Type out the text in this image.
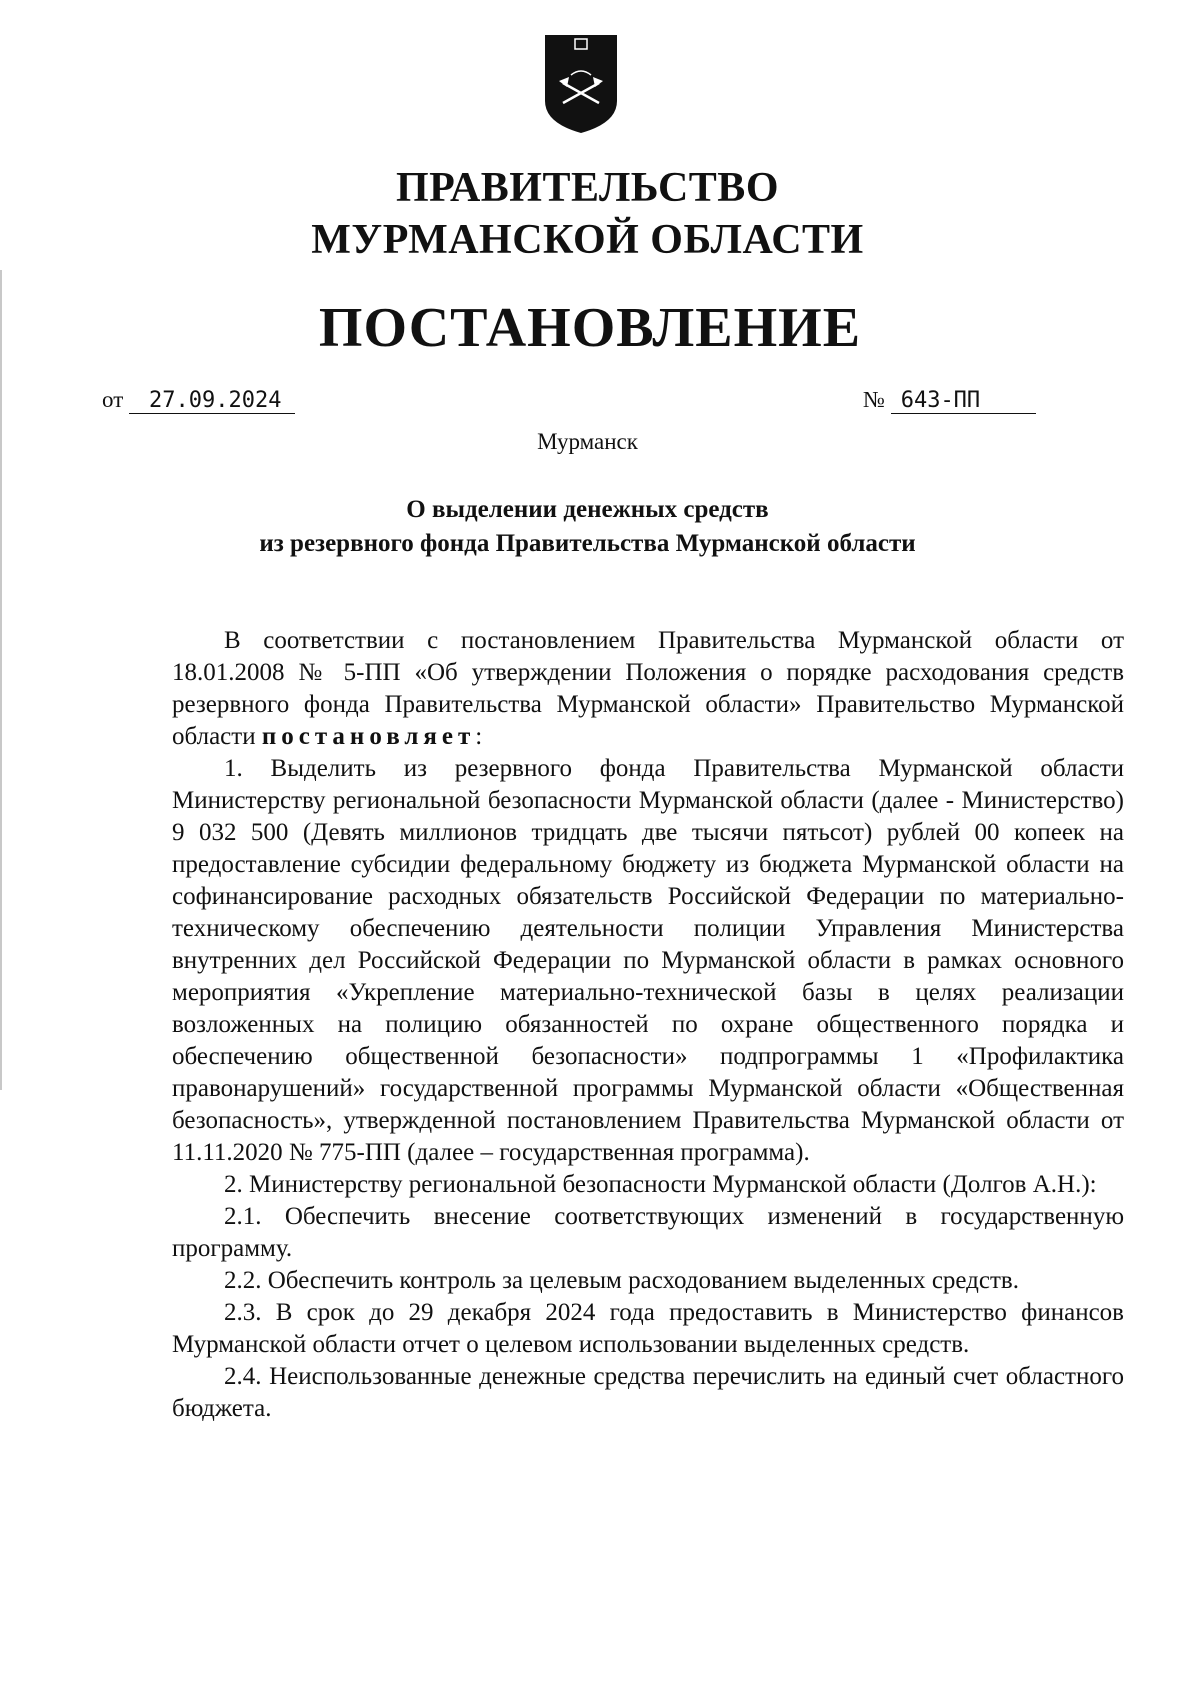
ПРАВИТЕЛЬСТВО
МУРМАНСКОЙ ОБЛАСТИ
ПОСТАНОВЛЕНИЕ
от 27.09.2024	№ 643-ПП
Мурманск
О выделении денежных средств
из резервного фонда Правительства Мурманской области

В соответствии с постановлением Правительства Мурманской области от 18.01.2008 № 5-ПП «Об утверждении Положения о порядке расходования средств резервного фонда Правительства Мурманской области» Правительство Мурманской области постановляет:

1. Выделить из резервного фонда Правительства Мурманской области Министерству региональной безопасности Мурманской области (далее - Министерство) 9 032 500 (Девять миллионов тридцать две тысячи пятьсот) рублей 00 копеек на предоставление субсидии федеральному бюджету из бюджета Мурманской области на софинансирование расходных обязательств Российской Федерации по материально-техническому обеспечению деятельности полиции Управления Министерства внутренних дел Российской Федерации по Мурманской области в рамках основного мероприятия «Укрепление материально-технической базы в целях реализации возложенных на полицию обязанностей по охране общественного порядка и обеспечению общественной безопасности» подпрограммы 1 «Профилактика правонарушений» государственной программы Мурманской области «Общественная безопасность», утвержденной постановлением Правительства Мурманской области от 11.11.2020 № 775-ПП (далее – государственная программа).

2. Министерству региональной безопасности Мурманской области (Долгов А.Н.):

2.1. Обеспечить внесение соответствующих изменений в государственную программу.

2.2. Обеспечить контроль за целевым расходованием выделенных средств.

2.3. В срок до 29 декабря 2024 года предоставить в Министерство финансов Мурманской области отчет о целевом использовании выделенных средств.

2.4. Неиспользованные денежные средства перечислить на единый счет областного бюджета.
